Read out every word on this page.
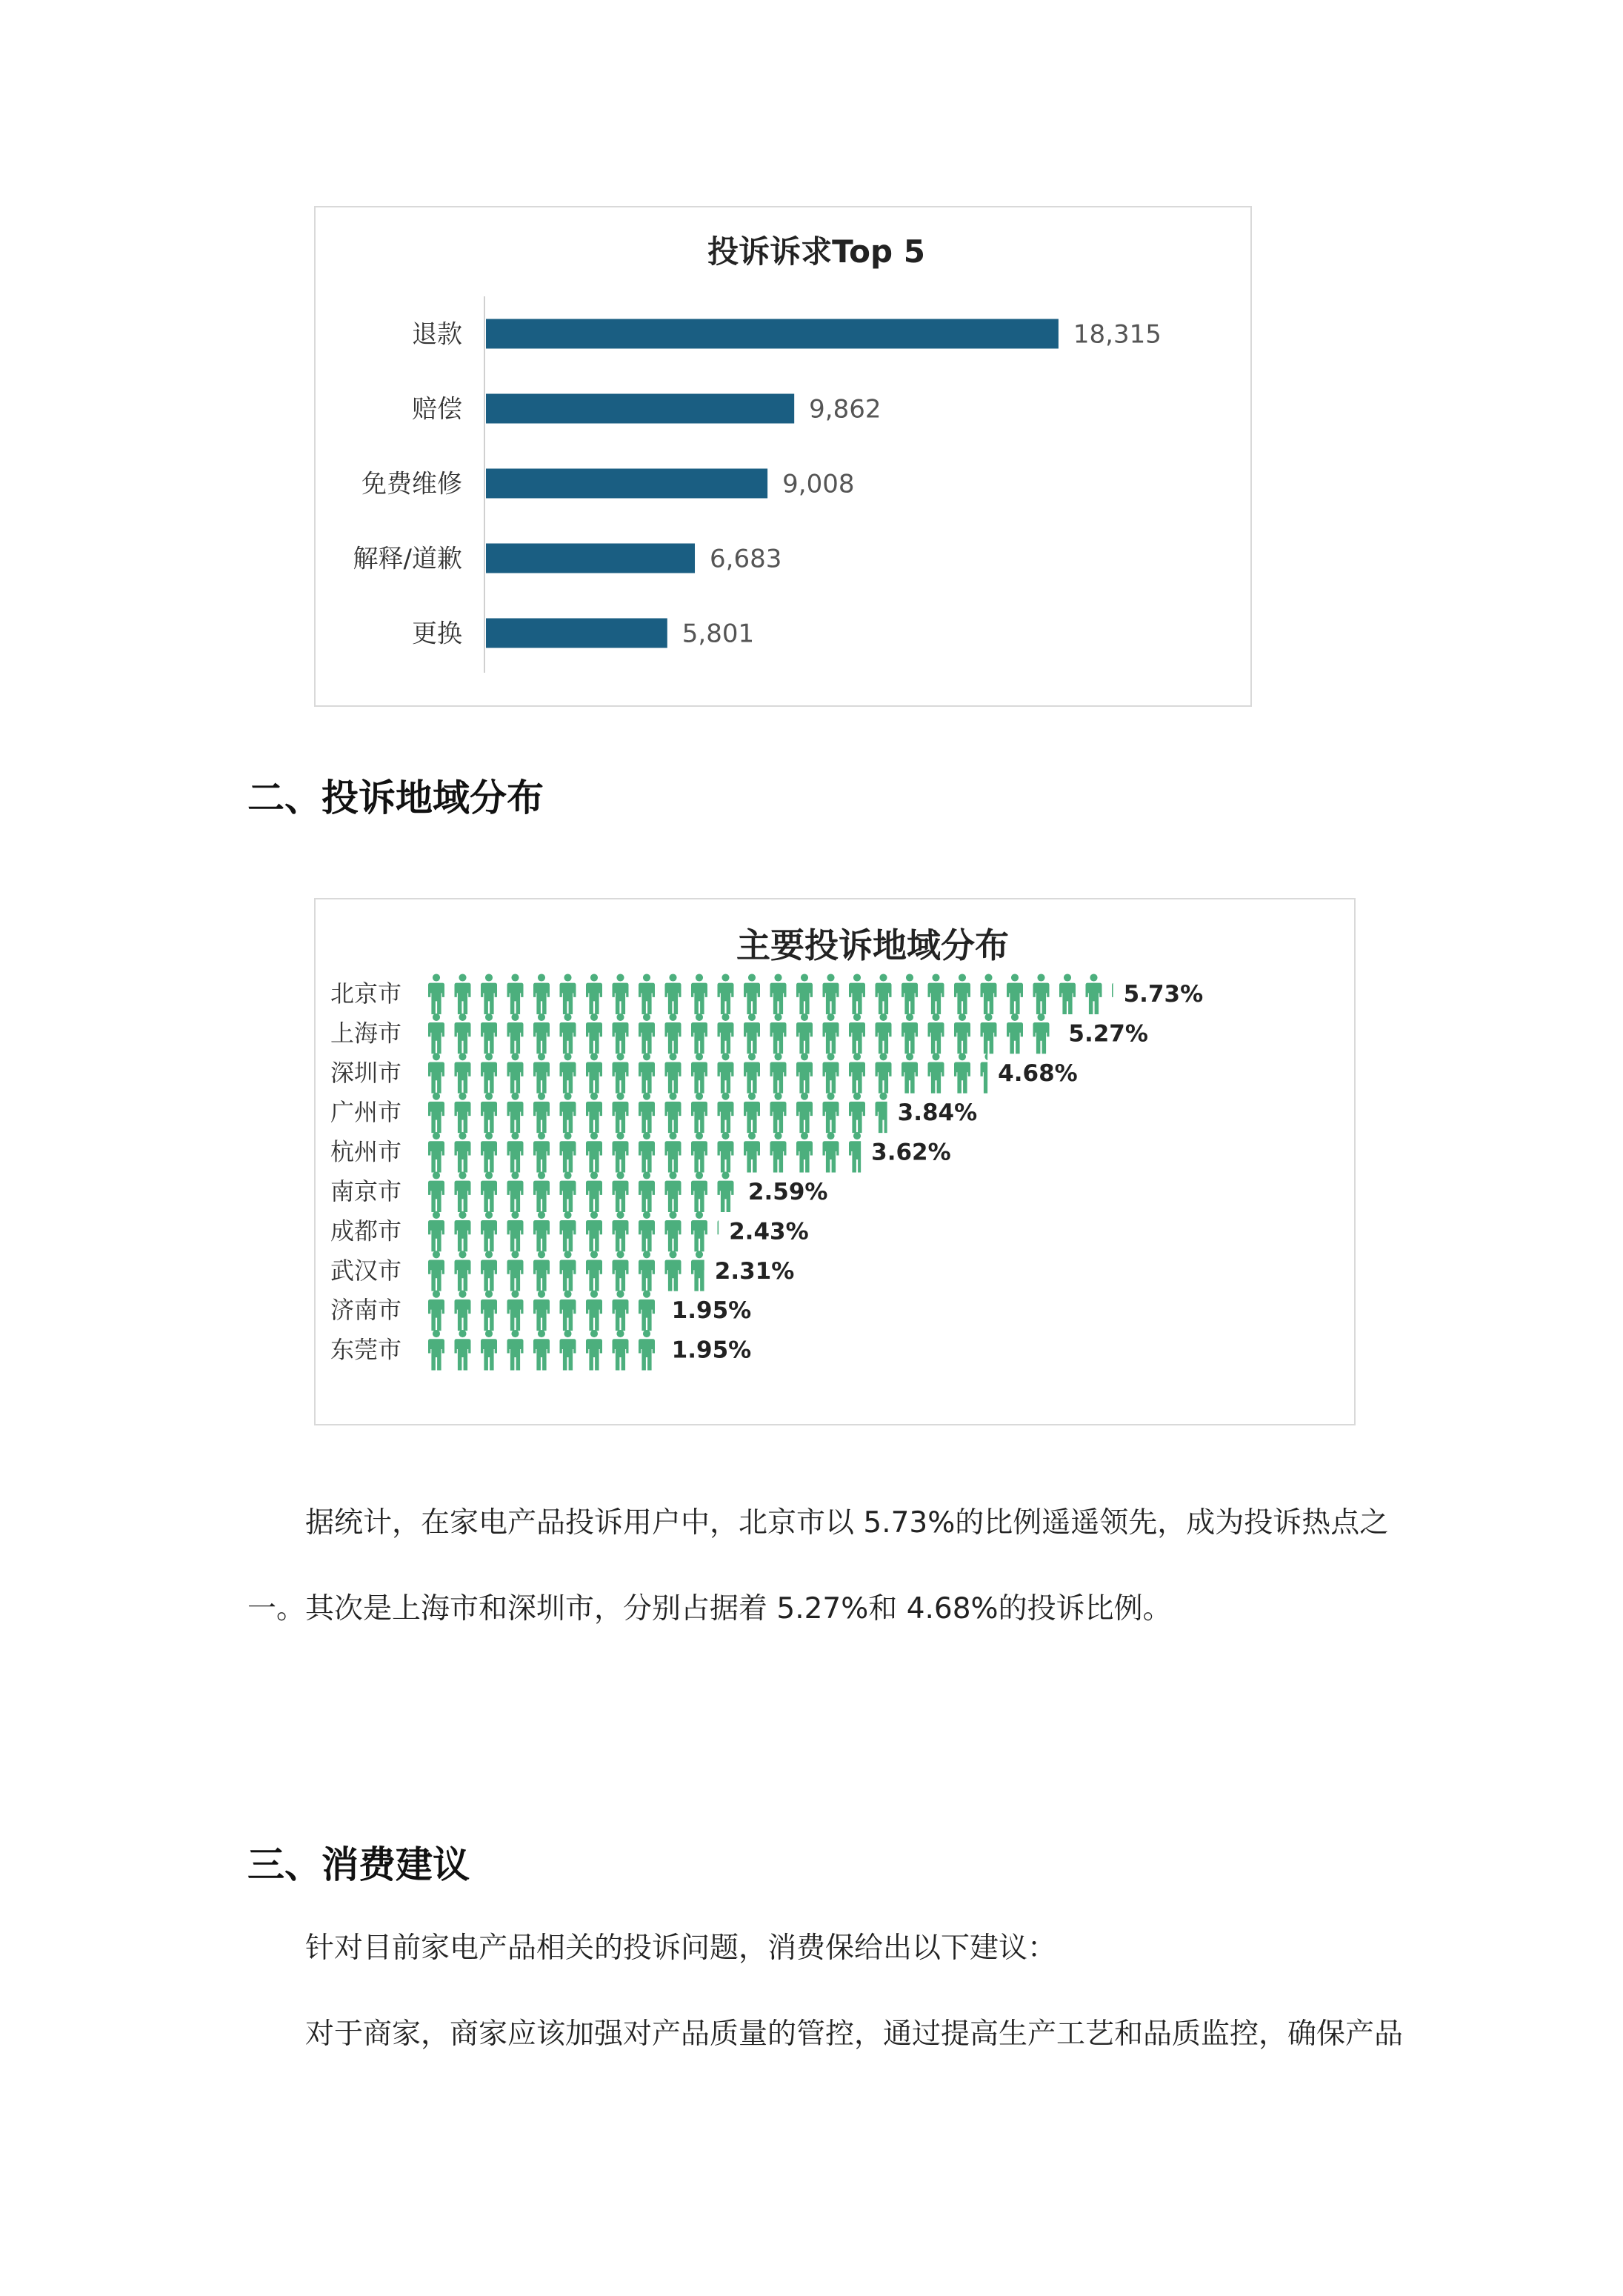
投诉诉求Top 5
退款	18,315
赔偿	9,862
免费维修	9,008
解释/道歉	6,683
更换	5,801
二、投诉地域分布
主要投诉地域分布
北京市	5.73%
上海市	5.27%
深圳市	4.68%
广州市	3.84%
杭州市	3.62%
南京市	2.59%
成都市	2.43%
武汉市	2.31%
济南市	1.95%
东莞市	1.95%

据统计，在家电产品投诉用户中，北京市以 5.73%的比例遥遥领先，成为投诉热点之

一。其次是上海市和深圳市，分别占据着 5.27%和 4.68%的投诉比例。

三、消费建议

针对目前家电产品相关的投诉问题，消费保给出以下建议：

对于商家，商家应该加强对产品质量的管控，通过提高生产工艺和品质监控，确保产品
